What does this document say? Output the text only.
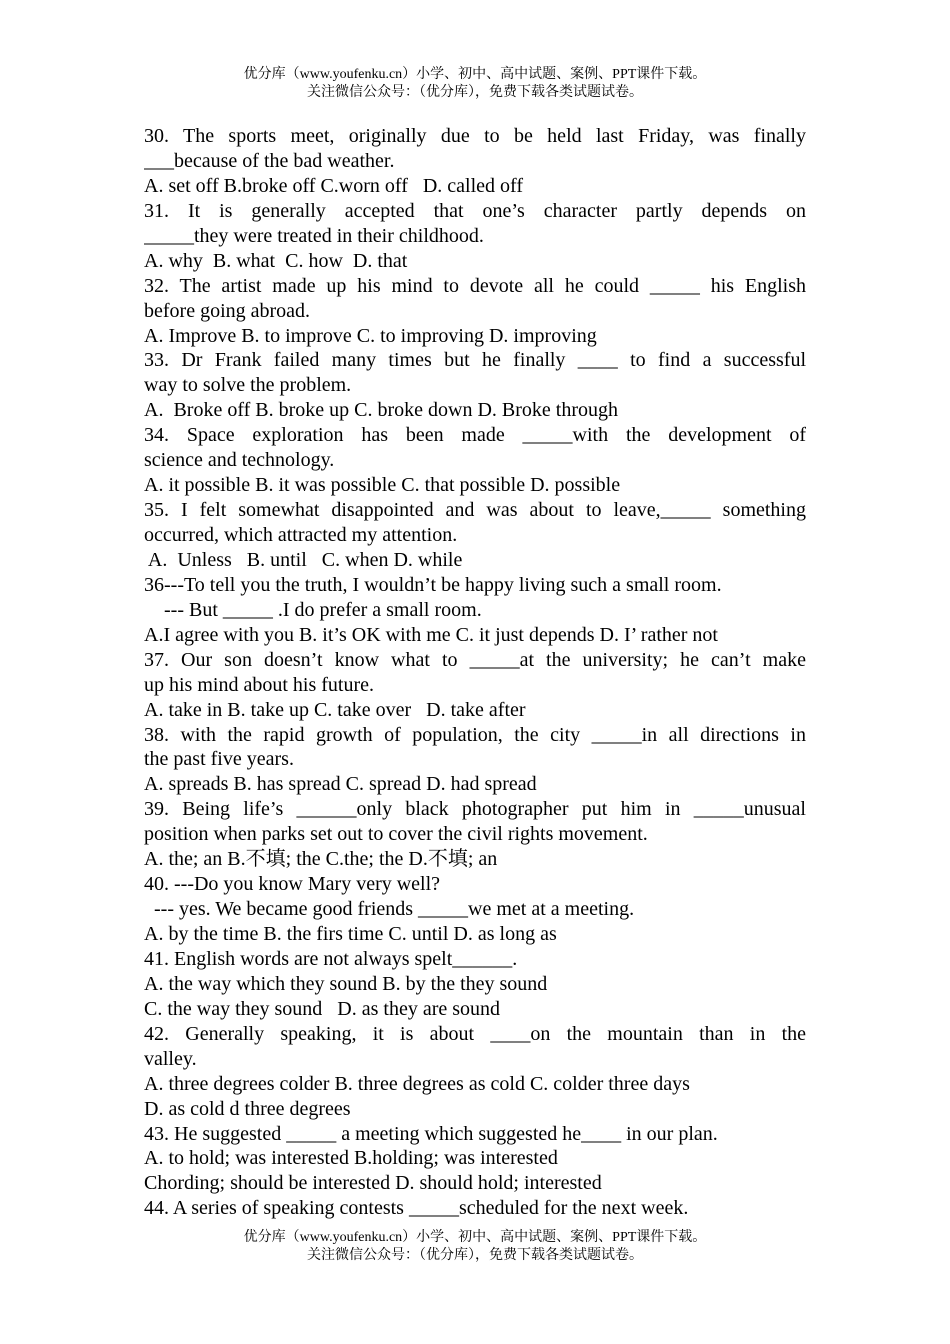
优分库（www.youfenku.cn）小学、初中、高中试题、案例、PPT课件下载。
关注微信公众号：（优分库），免费下载各类试题试卷。
30. The sports meet, originally due to be held last Friday, was finally
___because of the bad weather.
A. set off B.broke off C.worn off   D. called off
31. It is generally accepted that one’s character partly depends on
_____they were treated in their childhood.
A. why  B. what  C. how  D. that
32. The artist made up his mind to devote all he could _____ his English
before going abroad.
A. Improve B. to improve C. to improving D. improving
33. Dr Frank failed many times but he finally ____ to find a successful
way to solve the problem.
A.  Broke off B. broke up C. broke down D. Broke through
34. Space exploration has been made _____with the development of
science and technology.
A. it possible B. it was possible C. that possible D. possible
35. I felt somewhat disappointed and was about to leave,_____ something
occurred, which attracted my attention.
A.  Unless   B. until   C. when D. while
36---To tell you the truth, I wouldn’t be happy living such a small room.
--- But _____ .I do prefer a small room.
A.I agree with you B. it’s OK with me C. it just depends D. I’ rather not
37. Our son doesn’t know what to _____at the university; he can’t make
up his mind about his future.
A. take in B. take up C. take over   D. take after
38. with the rapid growth of population, the city _____in all directions in
the past five years.
A. spreads B. has spread C. spread D. had spread
39. Being life’s ______only black photographer put him in _____unusual
position when parks set out to cover the civil rights movement.
A. the; an B.不填; the C.the; the D.不填; an
40. ---Do you know Mary very well?
--- yes. We became good friends _____we met at a meeting.
A. by the time B. the firs time C. until D. as long as
41. English words are not always spelt______.
A. the way which they sound B. by the they sound
C. the way they sound   D. as they are sound
42. Generally speaking, it is about ____on the mountain than in the
valley.
A. three degrees colder B. three degrees as cold C. colder three days
D. as cold d three degrees
43. He suggested _____ a meeting which suggested he____ in our plan.
A. to hold; was interested B.holding; was interested
Chording; should be interested D. should hold; interested
44. A series of speaking contests _____scheduled for the next week.
优分库（www.youfenku.cn）小学、初中、高中试题、案例、PPT课件下载。
关注微信公众号：（优分库），免费下载各类试题试卷。
